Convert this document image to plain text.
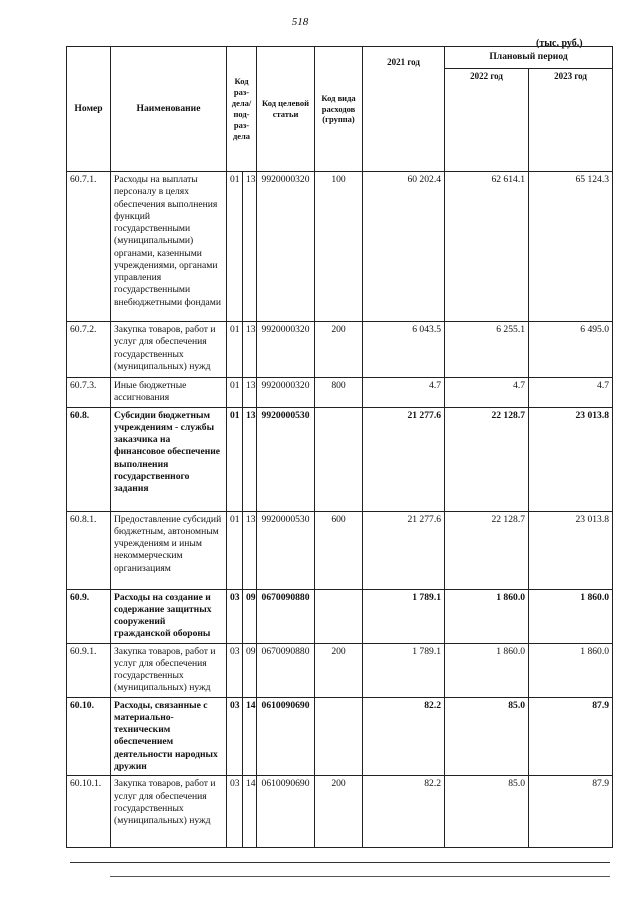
518
(тыс. руб.)
Номер	Наименование	Код раз-дела/ под-раз-дела		Код целевой статьи	Код вида расходов (группа)	2021 год	Плановый период	
							2022 год	2023 год
60.7.1.	Расходы на выплаты персоналу в целях обеспечения выполнения функций государственными (муниципальными) органами, казенными учреждениями, органами управления государственными внебюджетными фондами	01	13	9920000320	100	60 202.4	62 614.1	65 124.3
60.7.2.	Закупка товаров, работ и услуг для обеспечения государственных (муниципальных) нужд	01	13	9920000320	200	6 043.5	6 255.1	6 495.0
60.7.3.	Иные бюджетные ассигнования	01	13	9920000320	800	4.7	4.7	4.7
60.8.	Субсидии бюджетным учреждениям - службы заказчика на финансовое обеспечение выполнения государственного задания	01	13	9920000530		21 277.6	22 128.7	23 013.8
60.8.1.	Предоставление субсидий бюджетным, автономным учреждениям и иным некоммерческим организациям	01	13	9920000530	600	21 277.6	22 128.7	23 013.8
60.9.	Расходы на создание и содержание защитных сооружений гражданской обороны	03	09	0670090880		1 789.1	1 860.0	1 860.0
60.9.1.	Закупка товаров, работ и услуг для обеспечения государственных (муниципальных) нужд	03	09	0670090880	200	1 789.1	1 860.0	1 860.0
60.10.	Расходы, связанные с материально-техническим обеспечением деятельности народных дружин	03	14	0610090690		82.2	85.0	87.9
60.10.1.	Закупка товаров, работ и услуг для обеспечения государственных (муниципальных) нужд	03	14	0610090690	200	82.2	85.0	87.9
